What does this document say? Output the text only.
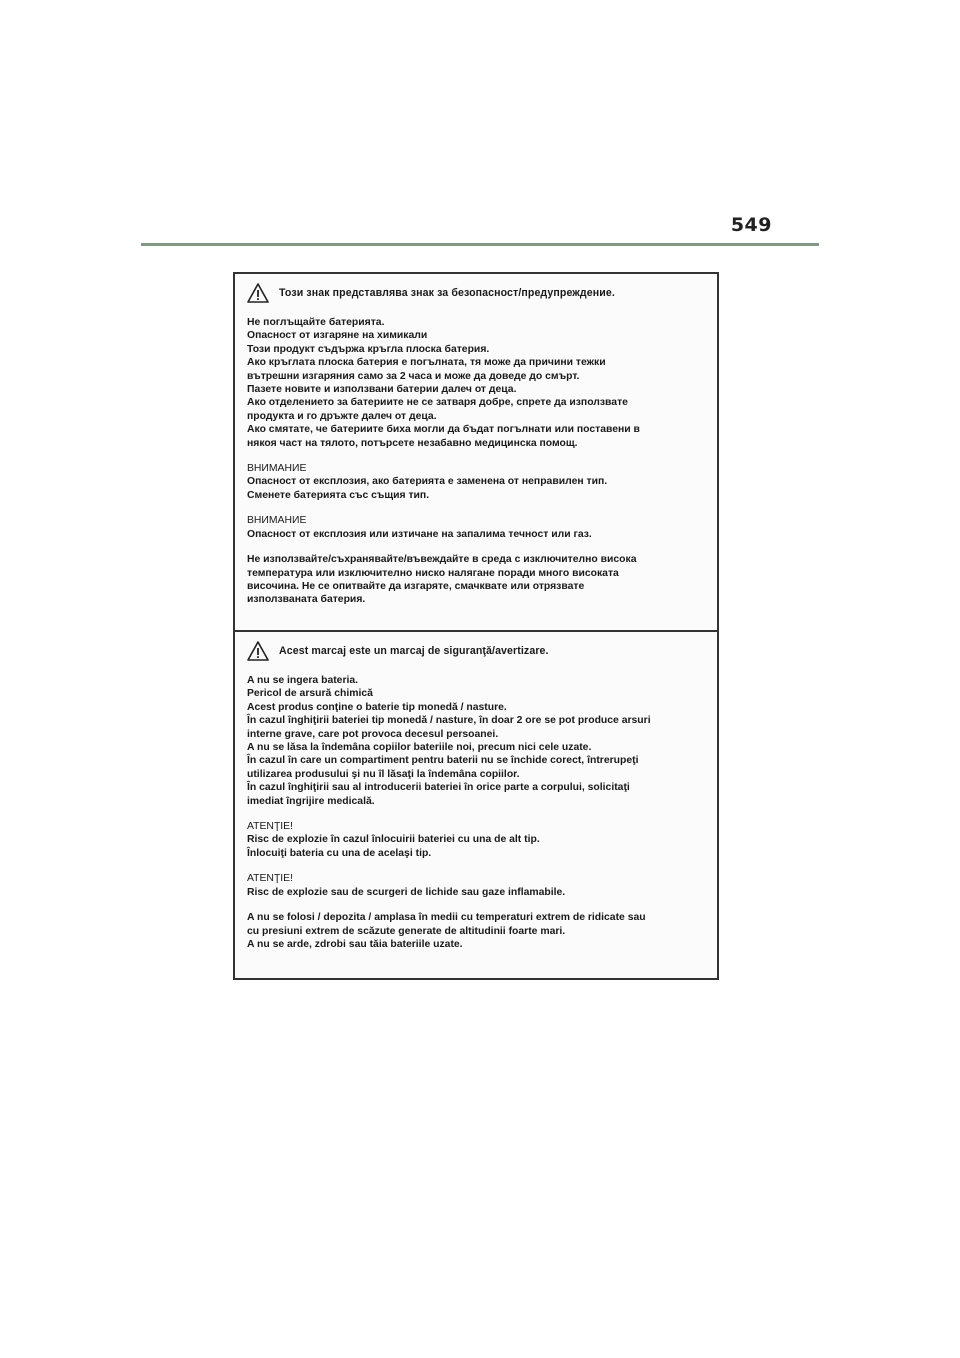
549
Този знак представлява знак за безопасност/предупреждение.

Не поглъщайте батерията.

Опасност от изгаряне на химикали

Този продукт съдържа кръгла плоска батерия.

Ако кръглата плоска батерия е погълната, тя може да причини тежки

вътрешни изгаряния само за 2 часа и може да доведе до смърт.

Пазете новите и използвани батерии далеч от деца.

Ако отделението за батериите не се затваря добре, спрете да използвате

продукта и го дръжте далеч от деца.

Ако смятате, че батериите биха могли да бъдат погълнати или поставени в

някоя част на тялото, потърсете незабавно медицинска помощ.

ВНИМАНИЕ

Опасност от експлозия, ако батерията е заменена от неправилен тип.

Сменете батерията със същия тип.

ВНИМАНИЕ

Опасност от експлозия или изтичане на запалима течност или газ.

Не използвайте/съхранявайте/въвеждайте в среда с изключително висока

температура или изключително ниско налягане поради много високата

височина. Не се опитвайте да изгаряте, смачквате или отрязвате

използваната батерия.

Acest marcaj este un marcaj de siguranţă/avertizare.

A nu se ingera bateria.

Pericol de arsură chimică

Acest produs conţine o baterie tip monedă / nasture.

În cazul înghiţirii bateriei tip monedă / nasture, în doar 2 ore se pot produce arsuri

interne grave, care pot provoca decesul persoanei.

A nu se lăsa la îndemâna copiilor bateriile noi, precum nici cele uzate.

În cazul în care un compartiment pentru baterii nu se închide corect, întrerupeţi

utilizarea produsului şi nu îl lăsaţi la îndemâna copiilor.

În cazul înghiţirii sau al introducerii bateriei în orice parte a corpului, solicitaţi

imediat îngrijire medicală.

ATENŢIE!

Risc de explozie în cazul înlocuirii bateriei cu una de alt tip.

Înlocuiţi bateria cu una de acelaşi tip.

ATENŢIE!

Risc de explozie sau de scurgeri de lichide sau gaze inflamabile.

A nu se folosi / depozita / amplasa în medii cu temperaturi extrem de ridicate sau

cu presiuni extrem de scăzute generate de altitudinii foarte mari.

A nu se arde, zdrobi sau tăia bateriile uzate.
